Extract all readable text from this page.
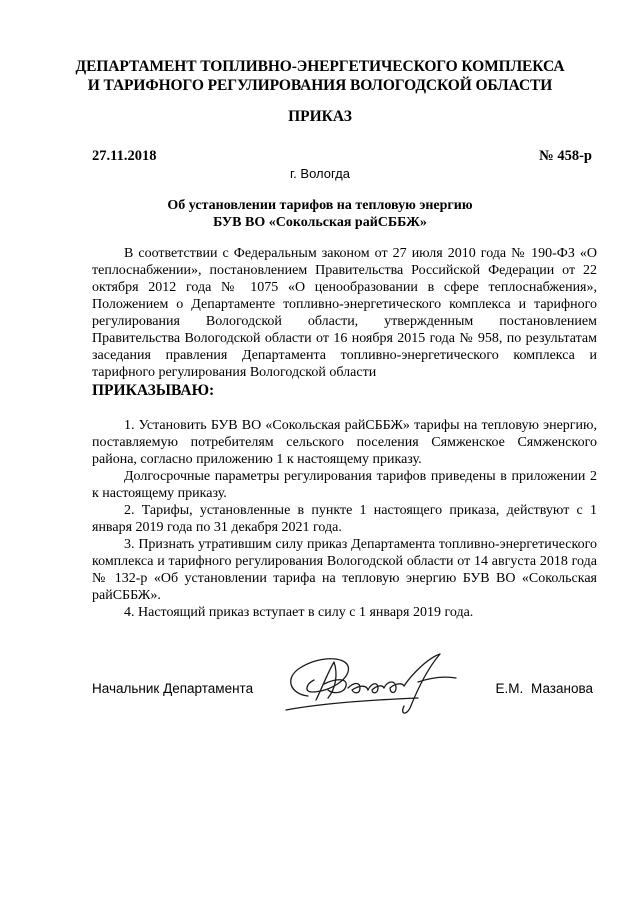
ДЕПАРТАМЕНТ ТОПЛИВНО-ЭНЕРГЕТИЧЕСКОГО КОМПЛЕКСА
И ТАРИФНОГО РЕГУЛИРОВАНИЯ ВОЛОГОДСКОЙ ОБЛАСТИ
ПРИКАЗ
27.11.2018	№ 458-р
г. Вологда
Об установлении тарифов на тепловую энергию
БУВ ВО «Сокольская райСББЖ»

В соответствии с Федеральным законом от 27 июля 2010 года № 190-ФЗ «О теплоснабжении», постановлением Правительства Российской Федерации от 22 октября 2012 года № 1075 «О ценообразовании в сфере теплоснабжения», Положением о Департаменте топливно-энергетического комплекса и тарифного регулирования Вологодской области, утвержденным постановлением Правительства Вологодской области от 16 ноября 2015 года № 958, по результатам заседания правления Департамента топливно-энергетического комплекса и тарифного регулирования Вологодской области

ПРИКАЗЫВАЮ:

1. Установить БУВ ВО «Сокольская райСББЖ» тарифы на тепловую энергию, поставляемую потребителям сельского поселения Сямженское Сямженского района, согласно приложению 1 к настоящему приказу.

Долгосрочные параметры регулирования тарифов приведены в приложении 2 к настоящему приказу.

2. Тарифы, установленные в пункте 1 настоящего приказа, действуют с 1 января 2019 года по 31 декабря 2021 года.

3. Признать утратившим силу приказ Департамента топливно-энергетического комплекса и тарифного регулирования Вологодской области от 14 августа 2018 года № 132-р «Об установлении тарифа на тепловую энергию БУВ ВО «Сокольская райСББЖ».

4. Настоящий приказ вступает в силу с 1 января 2019 года.

Начальник Департамента	Е.М. Мазанова
